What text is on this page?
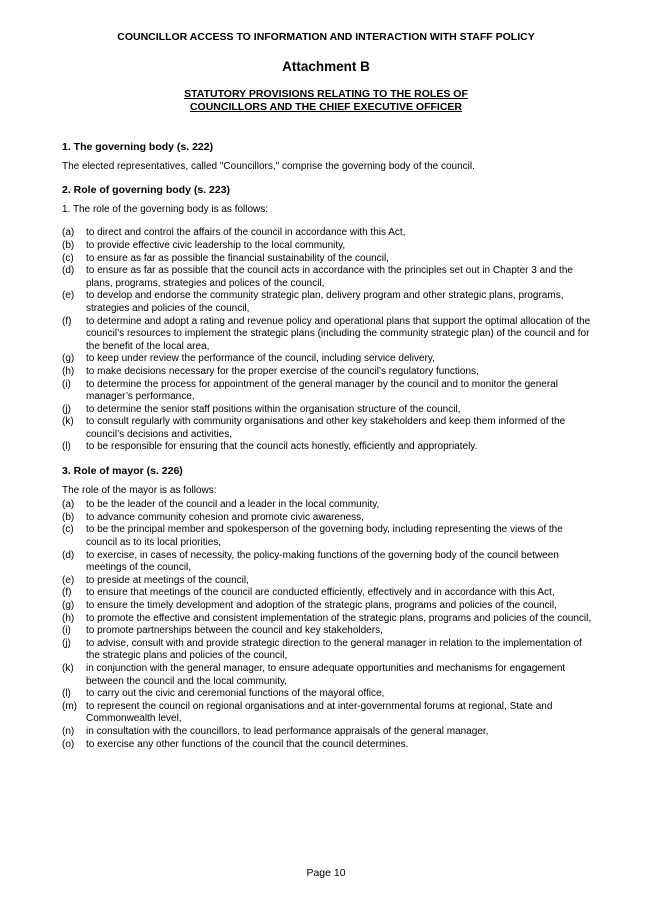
COUNCILLOR ACCESS TO INFORMATION AND INTERACTION WITH STAFF POLICY
Attachment B
STATUTORY PROVISIONS RELATING TO THE ROLES OF
COUNCILLORS AND THE CHIEF EXECUTIVE OFFICER
1. The governing body (s. 222)
The elected representatives, called "Councillors," comprise the governing body of the council.
2. Role of governing body (s. 223)
1. The role of the governing body is as follows:
(a) to direct and control the affairs of the council in accordance with this Act,
(b) to provide effective civic leadership to the local community,
(c) to ensure as far as possible the financial sustainability of the council,
(d) to ensure as far as possible that the council acts in accordance with the principles set out in Chapter 3 and the plans, programs, strategies and polices of the council,
(e) to develop and endorse the community strategic plan, delivery program and other strategic plans, programs, strategies and policies of the council,
(f) to determine and adopt a rating and revenue policy and operational plans that support the optimal allocation of the council’s resources to implement the strategic plans (including the community strategic plan) of the council and for the benefit of the local area,
(g) to keep under review the performance of the council, including service delivery,
(h) to make decisions necessary for the proper exercise of the council’s regulatory functions,
(i) to determine the process for appointment of the general manager by the council and to monitor the general manager’s performance,
(j) to determine the senior staff positions within the organisation structure of the council,
(k) to consult regularly with community organisations and other key stakeholders and keep them informed of the council’s decisions and activities,
(l) to be responsible for ensuring that the council acts honestly, efficiently and appropriately.
3. Role of mayor (s. 226)
The role of the mayor is as follows:
(a) to be the leader of the council and a leader in the local community,
(b) to advance community cohesion and promote civic awareness,
(c) to be the principal member and spokesperson of the governing body, including representing the views of the council as to its local priorities,
(d) to exercise, in cases of necessity, the policy-making functions of the governing body of the council between meetings of the council,
(e) to preside at meetings of the council,
(f) to ensure that meetings of the council are conducted efficiently, effectively and in accordance with this Act,
(g) to ensure the timely development and adoption of the strategic plans, programs and policies of the council,
(h) to promote the effective and consistent implementation of the strategic plans, programs and policies of the council,
(i) to promote partnerships between the council and key stakeholders,
(j) to advise, consult with and provide strategic direction to the general manager in relation to the implementation of the strategic plans and policies of the council,
(k) in conjunction with the general manager, to ensure adequate opportunities and mechanisms for engagement between the council and the local community,
(l) to carry out the civic and ceremonial functions of the mayoral office,
(m) to represent the council on regional organisations and at inter-governmental forums at regional, State and Commonwealth level,
(n) in consultation with the councillors, to lead performance appraisals of the general manager,
(o) to exercise any other functions of the council that the council determines.
Page 10
